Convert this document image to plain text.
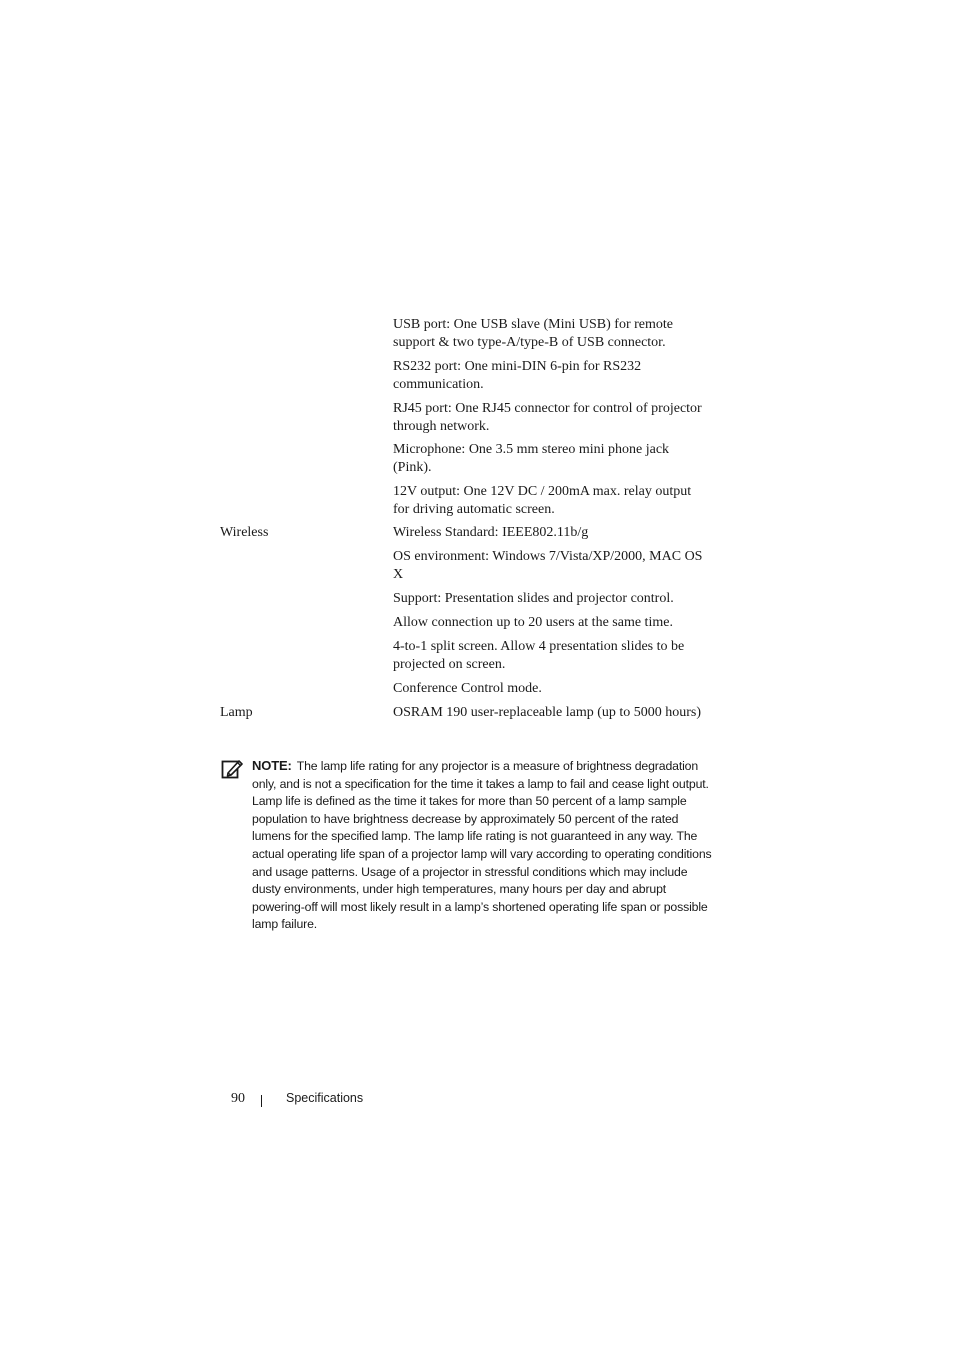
USB port: One USB slave (Mini USB) for remote support & two type-A/type-B of USB connector.
RS232 port: One mini-DIN 6-pin for RS232 communication.
RJ45 port: One RJ45 connector for control of projector through network.
Microphone: One 3.5 mm stereo mini phone jack (Pink).
12V output: One 12V DC / 200mA max. relay output for driving automatic screen.
Wireless	Wireless Standard: IEEE802.11b/g
OS environment: Windows 7/Vista/XP/2000, MAC OS X
Support: Presentation slides and projector control.
Allow connection up to 20 users at the same time.
4-to-1 split screen. Allow 4 presentation slides to be projected on screen.
Conference Control mode.
Lamp	OSRAM 190 user-replaceable lamp (up to 5000 hours)
NOTE: The lamp life rating for any projector is a measure of brightness degradation only, and is not a specification for the time it takes a lamp to fail and cease light output. Lamp life is defined as the time it takes for more than 50 percent of a lamp sample population to have brightness decrease by approximately 50 percent of the rated lumens for the specified lamp. The lamp life rating is not guaranteed in any way. The actual operating life span of a projector lamp will vary according to operating conditions and usage patterns. Usage of a projector in stressful conditions which may include dusty environments, under high temperatures, many hours per day and abrupt powering-off will most likely result in a lamp’s shortened operating life span or possible lamp failure.
90	Specifications
